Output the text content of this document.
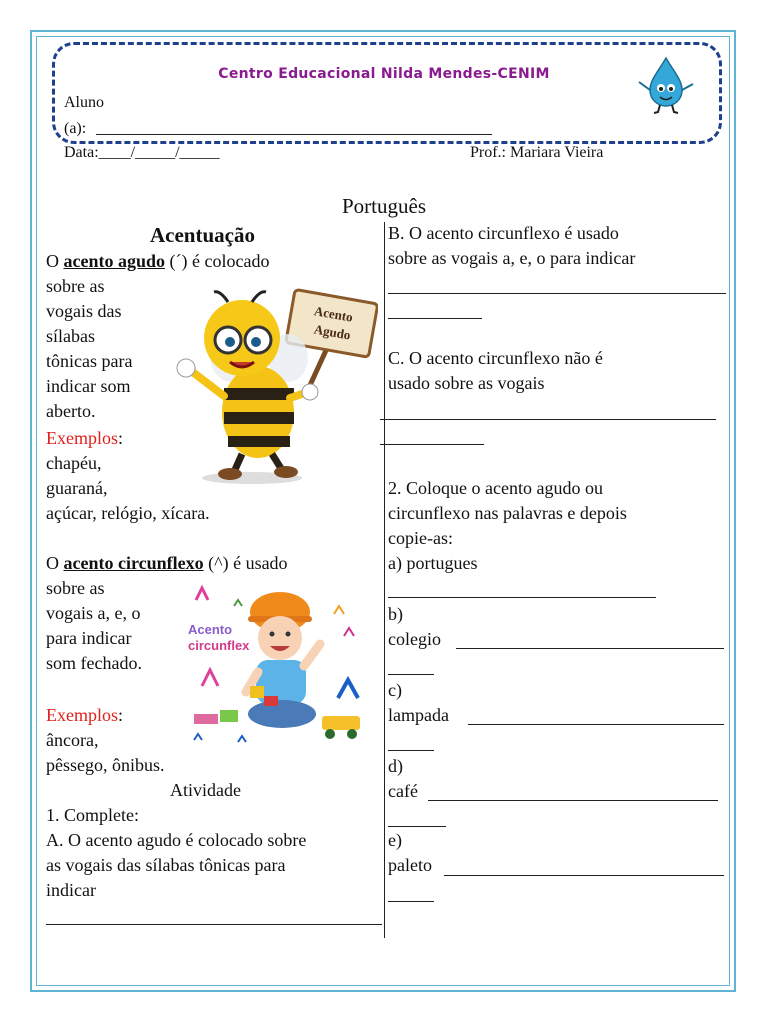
Centro Educacional Nilda Mendes-CENIM
Aluno
(a):
Data:____/_____/_____	Prof.: Mariara Vieira
Português
Acentuação
O acento agudo (´) é colocado
sobre as
vogais das
sílabas
tônicas para
indicar som
aberto.
Exemplos:
chapéu,
guaraná,
açúcar, relógio, xícara.
Acento
Agudo
O acento circunflexo (^) é usado
sobre as
vogais a, e, o
para indicar
som fechado.
Exemplos:
âncora,
pêssego, ônibus.
Acento
circunflex
Atividade
1. Complete:
A. O acento agudo é colocado sobre
as vogais das sílabas tônicas para
indicar
B. O acento circunflexo é usado
sobre as vogais a, e, o para indicar
C. O acento circunflexo não é
usado sobre as vogais
2. Coloque o acento agudo ou
circunflexo nas palavras e depois
copie-as:
a) portugues
b)
colegio
c)
lampada
d)
café
e)
paleto
